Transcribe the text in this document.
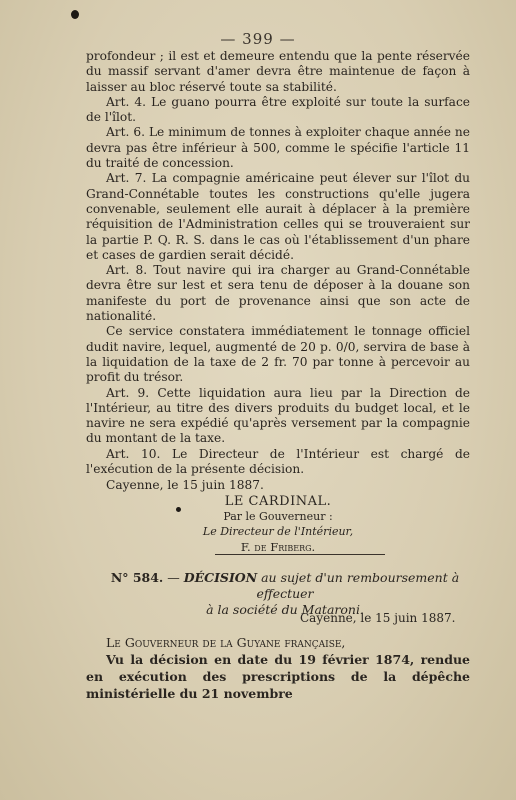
— 399 —

profondeur ; il est et demeure entendu que la pente réservée du massif servant d'amer devra être maintenue de façon à laisser au bloc réservé toute sa stabilité.

Art. 4. Le guano pourra être exploité sur toute la surface de l'îlot.

Art. 6. Le minimum de tonnes à exploiter chaque année ne devra pas être inférieur à 500, comme le spécifie l'article 11 du traité de concession.

Art. 7. La compagnie américaine peut élever sur l'îlot du Grand-Connétable toutes les constructions qu'elle jugera convenable, seulement elle aurait à déplacer à la première réquisition de l'Administration celles qui se trouveraient sur la partie P. Q. R. S. dans le cas où l'établissement d'un phare et cases de gardien serait décidé.

Art. 8. Tout navire qui ira charger au Grand-Connétable devra être sur lest et sera tenu de déposer à la douane son manifeste du port de provenance ainsi que son acte de nationalité.

Ce service constatera immédiatement le tonnage officiel dudit navire, lequel, augmenté de 20 p. 0/0, servira de base à la liquidation de la taxe de 2 fr. 70 par tonne à percevoir au profit du trésor.

Art. 9. Cette liquidation aura lieu par la Direction de l'Intérieur, au titre des divers produits du budget local, et le navire ne sera expédié qu'après versement par la compagnie du montant de la taxe.

Art. 10. Le Directeur de l'Intérieur est chargé de l'exécution de la présente décision.

Cayenne, le 15 juin 1887.

LE CARDINAL.

Par le Gouverneur :

Le Directeur de l'Intérieur,

F. de Friberg.

N° 584. — DÉCISION au sujet d'un remboursement à effectuer
à la société du Mataroni.
Cayenne, le 15 juin 1887.

Le Gouverneur de la Guyane française,

Vu la décision en date du 19 février 1874, rendue en exécution des prescriptions de la dépêche ministérielle du 21 novembre
